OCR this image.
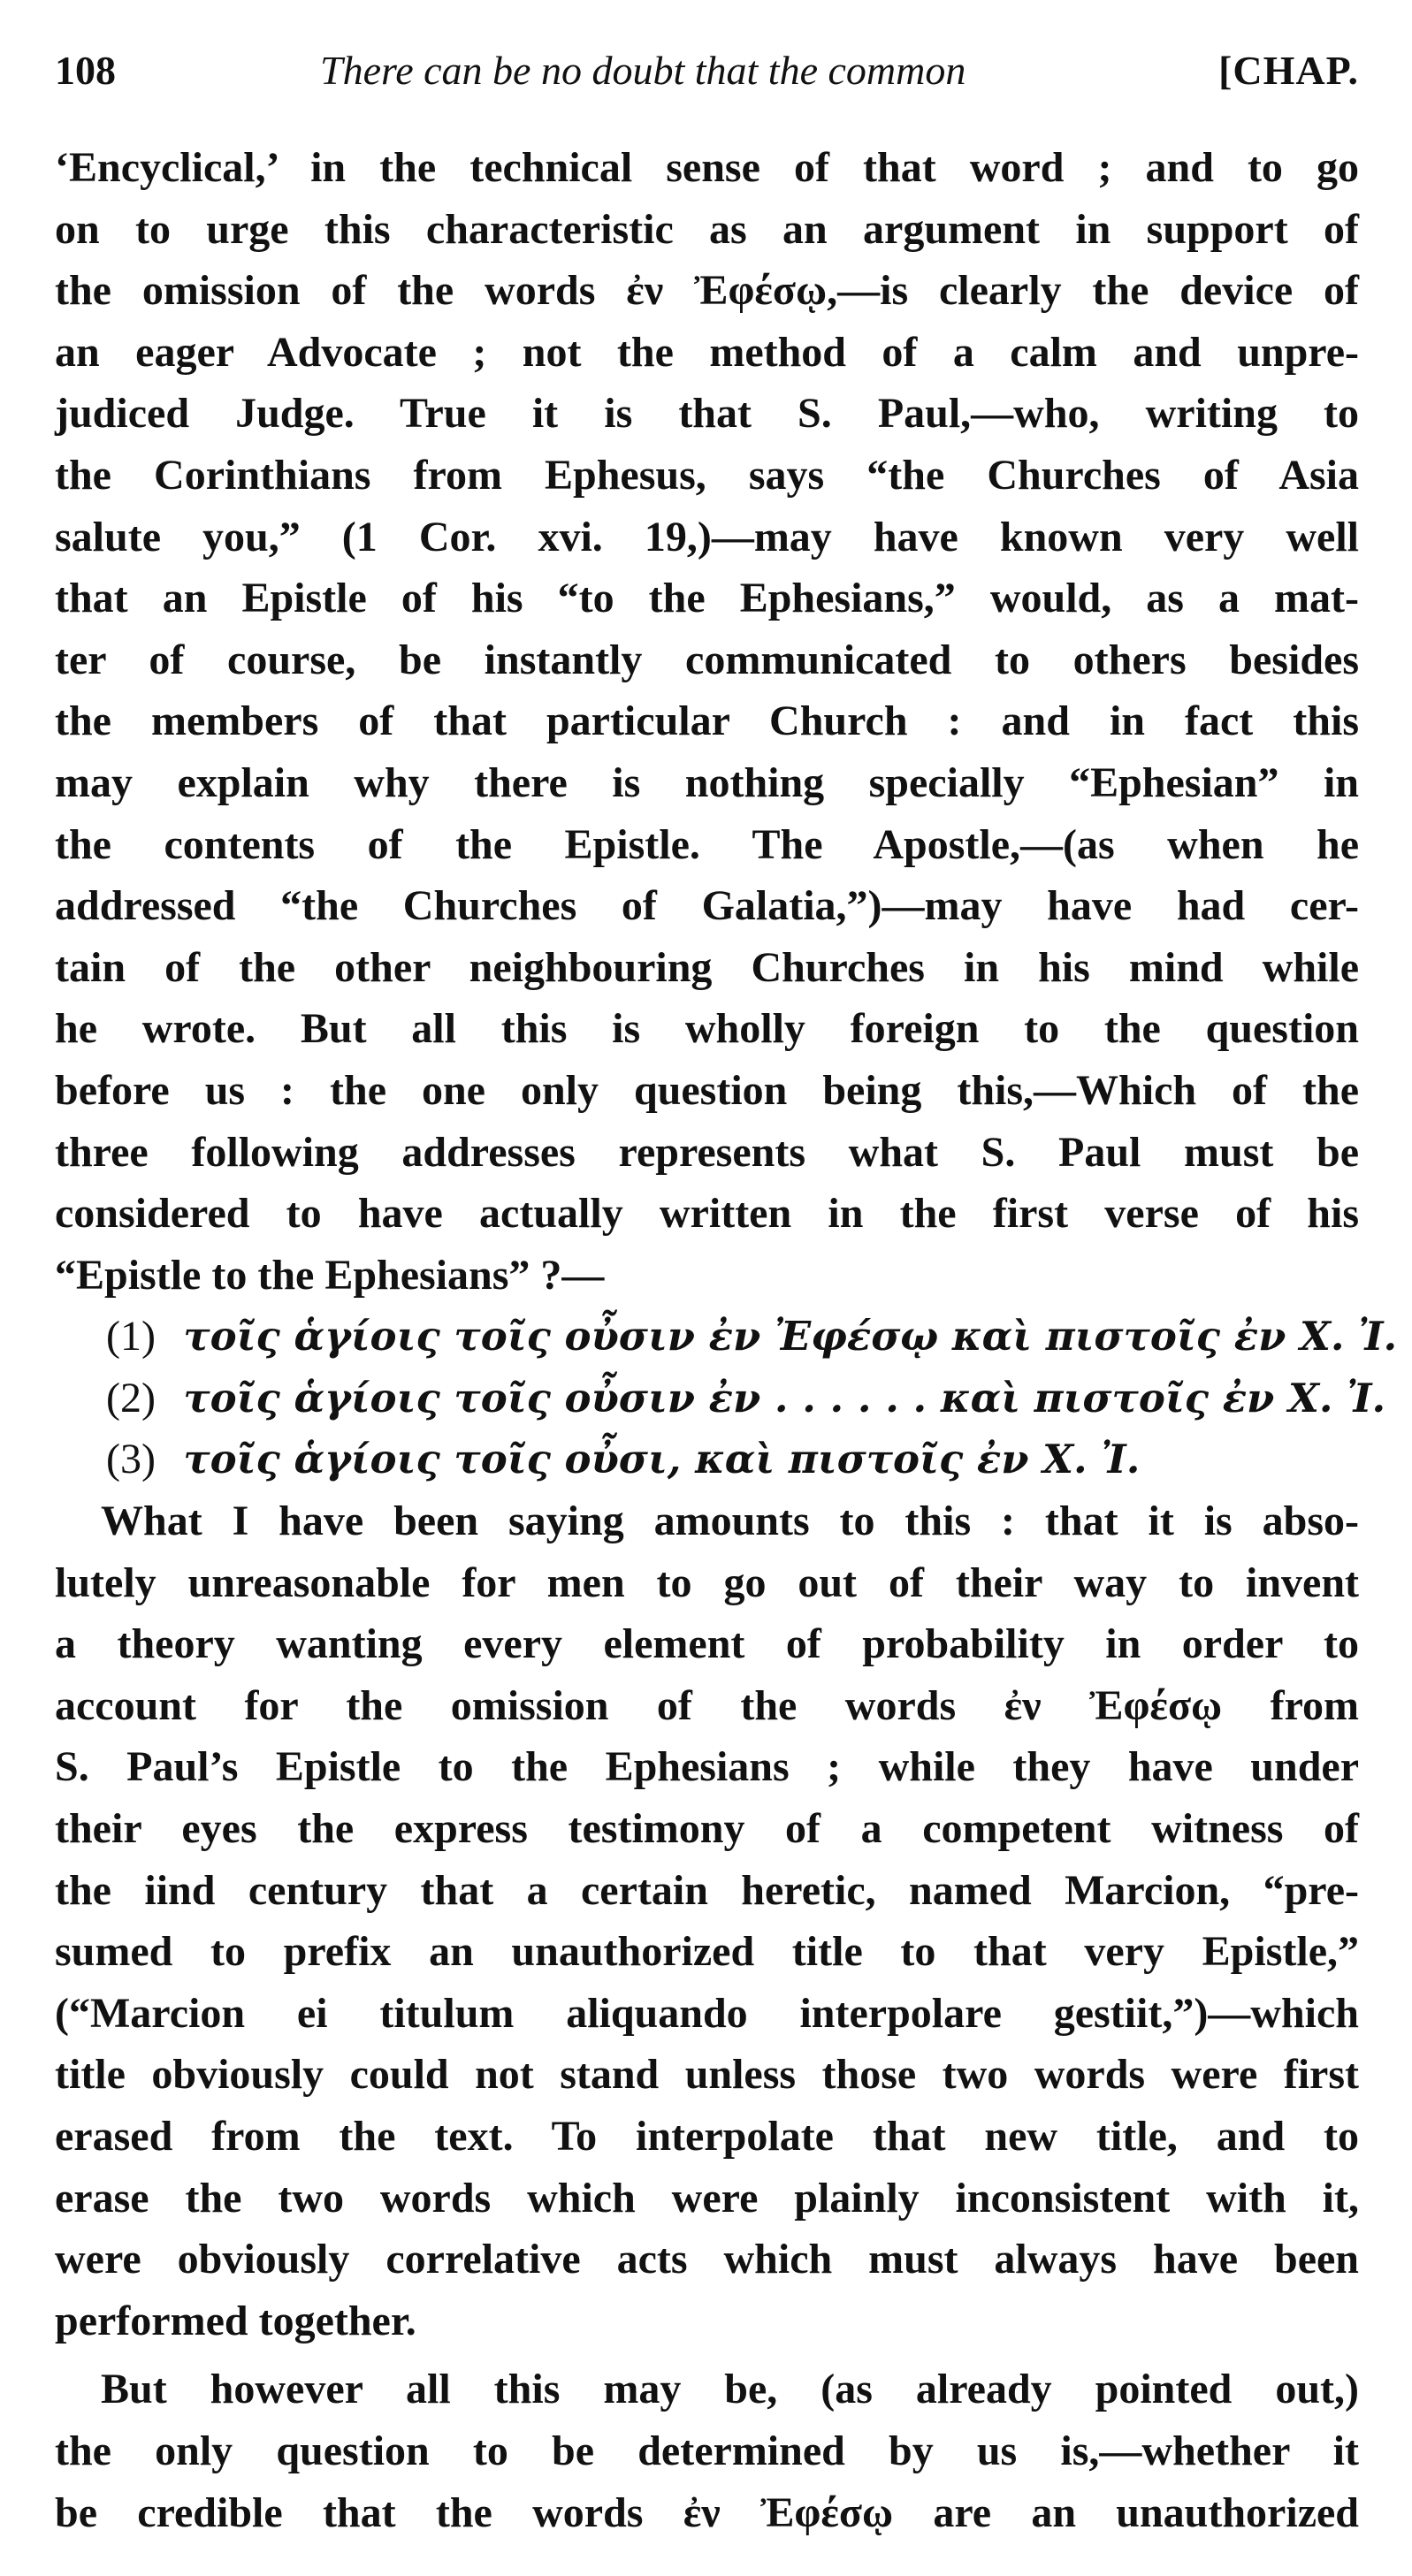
108	There can be no doubt that the common	[CHAP.
‘Encyclical,’ in the technical sense of that word ; and to go
on to urge this characteristic as an argument in support of
the omission of the words ἐν Ἐφέσῳ,—is clearly the device of
an eager Advocate ; not the method of a calm and unpre-
judiced Judge. True it is that S. Paul,—who, writing to
the Corinthians from Ephesus, says “the Churches of Asia
salute you,” (1 Cor. xvi. 19,)—may have known very well
that an Epistle of his “to the Ephesians,” would, as a mat-
ter of course, be instantly communicated to others besides
the members of that particular Church : and in fact this
may explain why there is nothing specially “Ephesian” in
the contents of the Epistle. The Apostle,—(as when he
addressed “the Churches of Galatia,”)—may have had cer-
tain of the other neighbouring Churches in his mind while
he wrote. But all this is wholly foreign to the question
before us : the one only question being this,—Which of the
three following addresses represents what S. Paul must be
considered to have actually written in the first verse of his
“Epistle to the Ephesians” ?—
(1) τοῖς ἁγίοις τοῖς οὖσιν ἐν Ἐφέσῳ καὶ πιστοῖς ἐν X. Ἰ.
(2) τοῖς ἁγίοις τοῖς οὖσιν ἐν . . . . . . καὶ πιστοῖς ἐν X. Ἰ.
(3) τοῖς ἁγίοις τοῖς οὖσι, καὶ πιστοῖς ἐν X. Ἰ.
What I have been saying amounts to this : that it is abso-
lutely unreasonable for men to go out of their way to invent
a theory wanting every element of probability in order to
account for the omission of the words ἐν Ἐφέσῳ from
S. Paul’s Epistle to the Ephesians ; while they have under
their eyes the express testimony of a competent witness of
the iind century that a certain heretic, named Marcion, “pre-
sumed to prefix an unauthorized title to that very Epistle,”
(“Marcion ei titulum aliquando interpolare gestiit,”)—which
title obviously could not stand unless those two words were first
erased from the text. To interpolate that new title, and to
erase the two words which were plainly inconsistent with it,
were obviously correlative acts which must always have been
performed together.
But however all this may be, (as already pointed out,)
the only question to be determined by us is,—whether it
be credible that the words ἐν Ἐφέσῳ are an unauthorized
